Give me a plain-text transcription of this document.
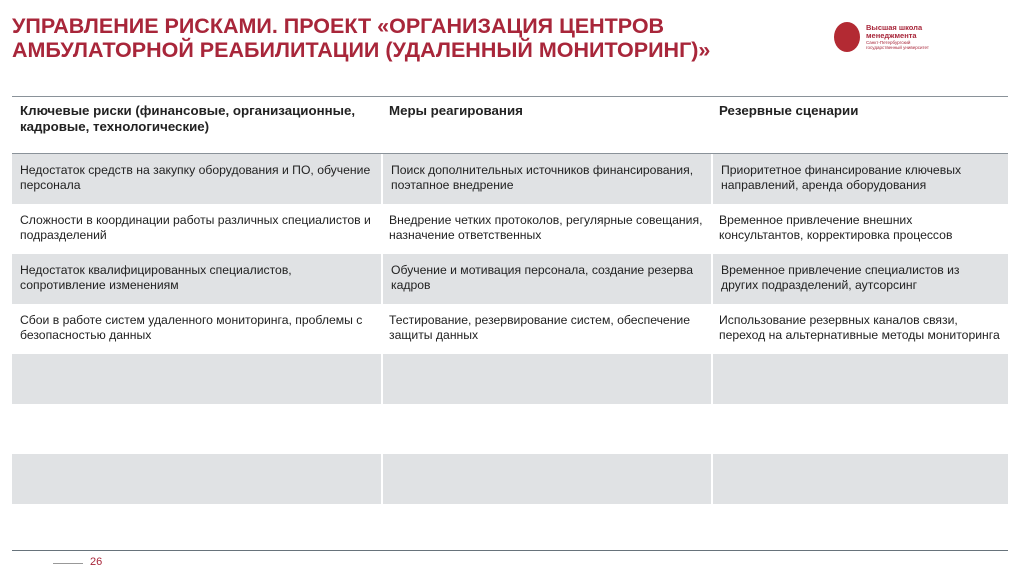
УПРАВЛЕНИЕ РИСКАМИ. ПРОЕКТ «ОРГАНИЗАЦИЯ ЦЕНТРОВ АМБУЛАТОРНОЙ РЕАБИЛИТАЦИИ (УДАЛЕННЫЙ МОНИТОРИНГ)»
Высшая школа
менеджмента
Санкт-Петербургский
государственный университет
Ключевые риски (финансовые, организационные, кадровые, технологические)
Меры реагирования	Резервные сценарии
Недостаток средств на закупку оборудования и ПО, обучение персонала
Поиск дополнительных источников финансирования, поэтапное внедрение
Приоритетное финансирование ключевых направлений, аренда оборудования
Сложности в координации работы различных специалистов и подразделений
Внедрение четких протоколов, регулярные совещания, назначение ответственных
Временное привлечение внешних консультантов, корректировка процессов
Недостаток квалифицированных специалистов, сопротивление изменениям
Обучение и мотивация персонала, создание резерва кадров
Временное привлечение специалистов из других подразделений, аутсорсинг
Сбои в работе систем удаленного мониторинга, проблемы с безопасностью данных
Тестирование, резервирование систем, обеспечение защиты данных
Использование резервных каналов связи, переход на альтернативные методы мониторинга
26
